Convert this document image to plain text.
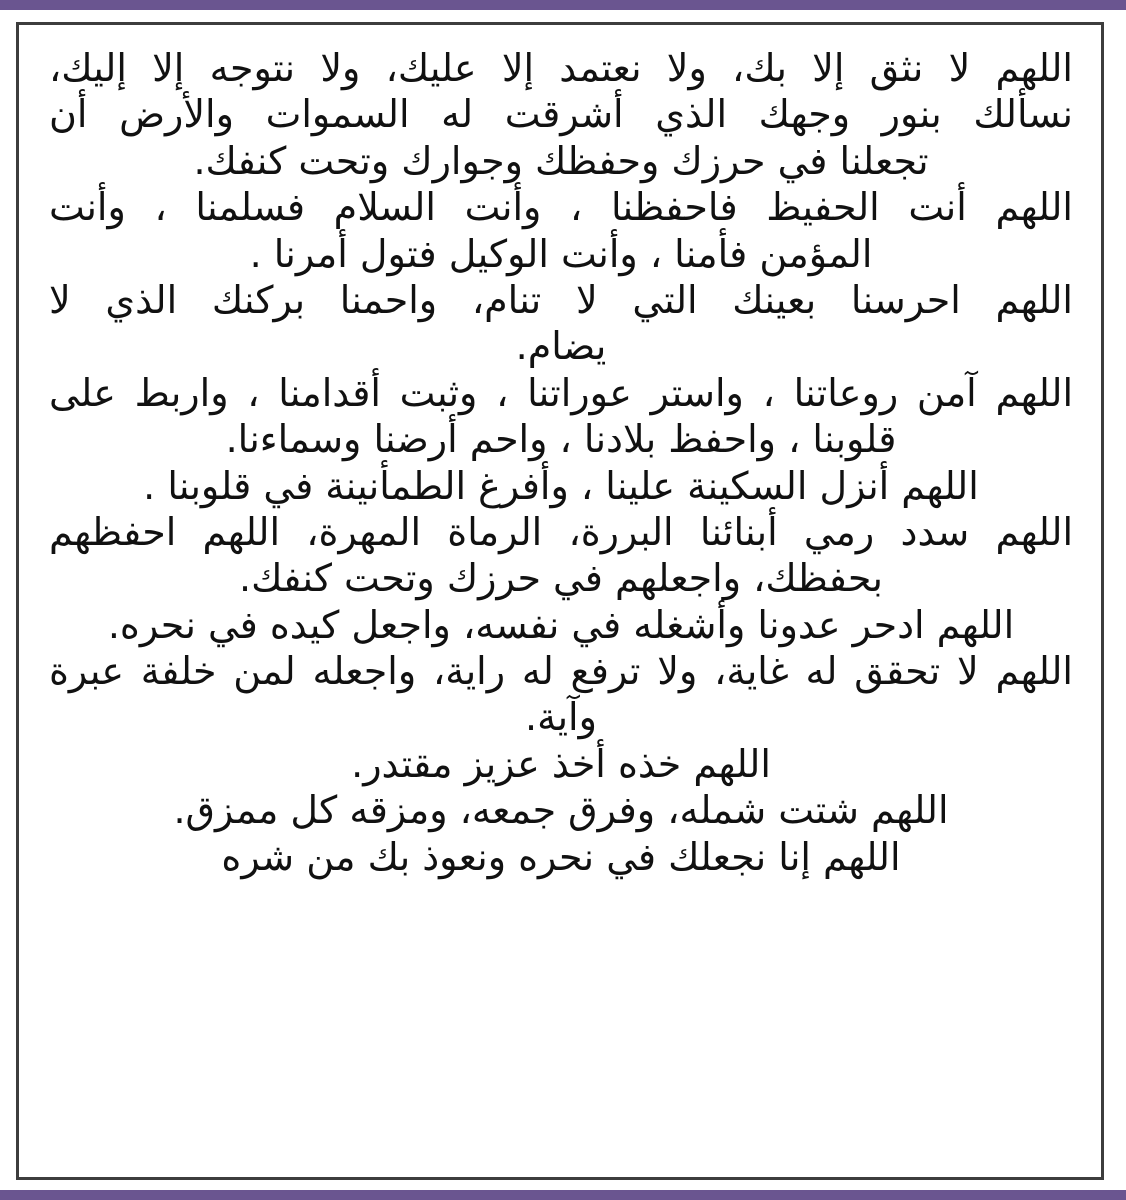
اللهم لا نثق إلا بك، ولا نعتمد إلا عليك، ولا نتوجه إلا إليك،
نسألك بنور وجهك الذي أشرقت له السموات والأرض أن
تجعلنا في حرزك وحفظك وجوارك وتحت كنفك.
اللهم أنت الحفيظ فاحفظنا ، وأنت السلام فسلمنا ، وأنت
المؤمن فأمنا ، وأنت الوكيل فتول أمرنا .
اللهم احرسنا بعينك التي لا تنام، واحمنا بركنك الذي لا
يضام.
اللهم آمن روعاتنا ، واستر عوراتنا ، وثبت أقدامنا ، واربط على
قلوبنا ، واحفظ بلادنا ، واحم أرضنا وسماءنا.
اللهم أنزل السكينة علينا ، وأفرغ الطمأنينة في قلوبنا .
اللهم سدد رمي أبنائنا البررة، الرماة المهرة، اللهم احفظهم
بحفظك، واجعلهم في حرزك وتحت كنفك.
اللهم ادحر عدونا وأشغله في نفسه، واجعل كيده في نحره.
اللهم لا تحقق له غاية، ولا ترفع له راية، واجعله لمن خلفة عبرة
وآية.
اللهم خذه أخذ عزيز مقتدر.
اللهم شتت شمله، وفرق جمعه، ومزقه كل ممزق.
اللهم إنا نجعلك في نحره ونعوذ بك من شره
